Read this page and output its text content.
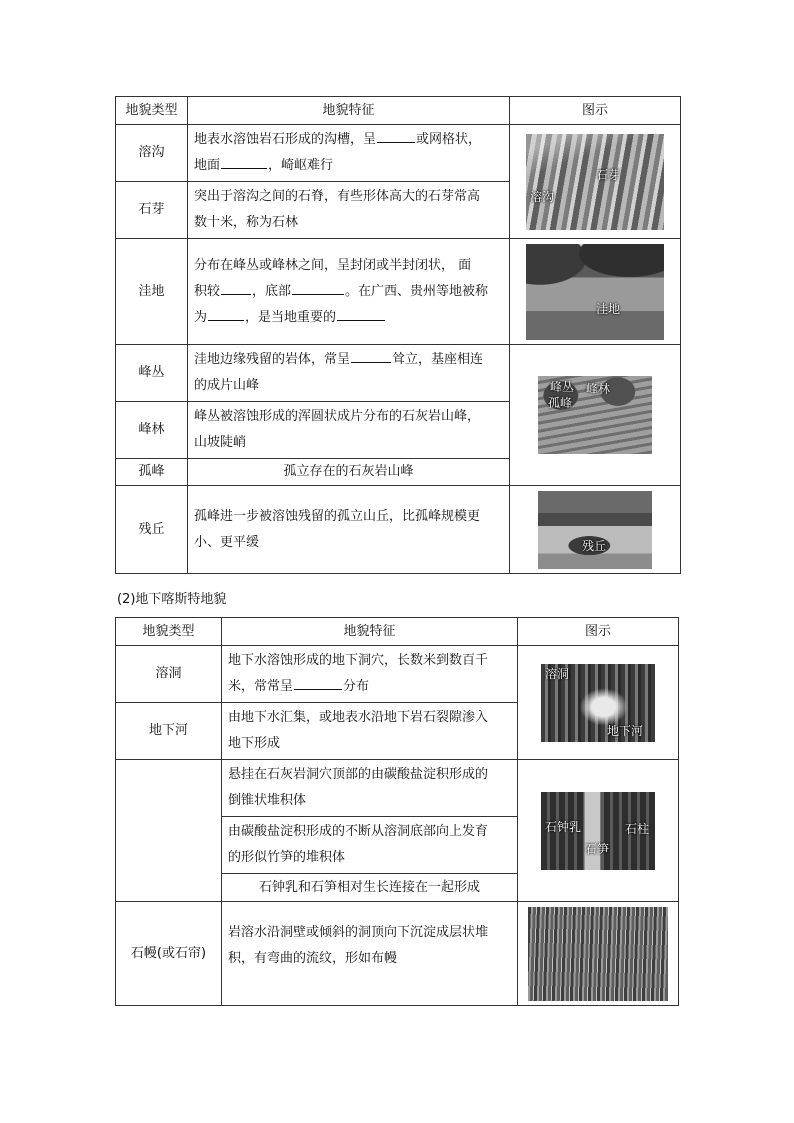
地貌类型	地貌特征	图示
溶沟	地表水溶蚀岩石形成的沟槽，呈 或网格状，
地面 ，崎岖难行	石芽
溶沟

石芽	突出于溶沟之间的石脊，有些形体高大的石芽常高
数十米，称为石林	
洼地	分布在峰丛或峰林之间，呈封闭或半封闭状， 面
积较 ，底部 。在广西、贵州等地被称
为 ，是当地重要的	洼地

峰丛	洼地边缘残留的岩体，常呈 耸立，基座相连
的成片山峰	峰丛 峰林
孤峰

峰林	峰丛被溶蚀形成的浑圆状成片分布的石灰岩山峰，
山坡陡峭	
孤峰	孤立存在的石灰岩山峰	
残丘	孤峰进一步被溶蚀残留的孤立山丘，比孤峰规模更
小、更平缓	残丘
(2)地下喀斯特地貌
地貌类型	地貌特征	图示
溶洞	地下水溶蚀形成的地下洞穴，长数米到数百千
米，常常呈 分布	溶洞
地下河

地下河	由地下水汇集，或地表水沿地下岩石裂隙渗入
地下形成	
	悬挂在石灰岩洞穴顶部的由碳酸盐淀积形成的
倒锥状堆积体	石钟乳 石柱
石笋

	由碳酸盐淀积形成的不断从溶洞底部向上发育
的形似竹笋的堆积体	
	石钟乳和石笋相对生长连接在一起形成	
石幔(或石帘)	岩溶水沿洞壁或倾斜的洞顶向下沉淀成层状堆
积，有弯曲的流纹，形如布幔	
